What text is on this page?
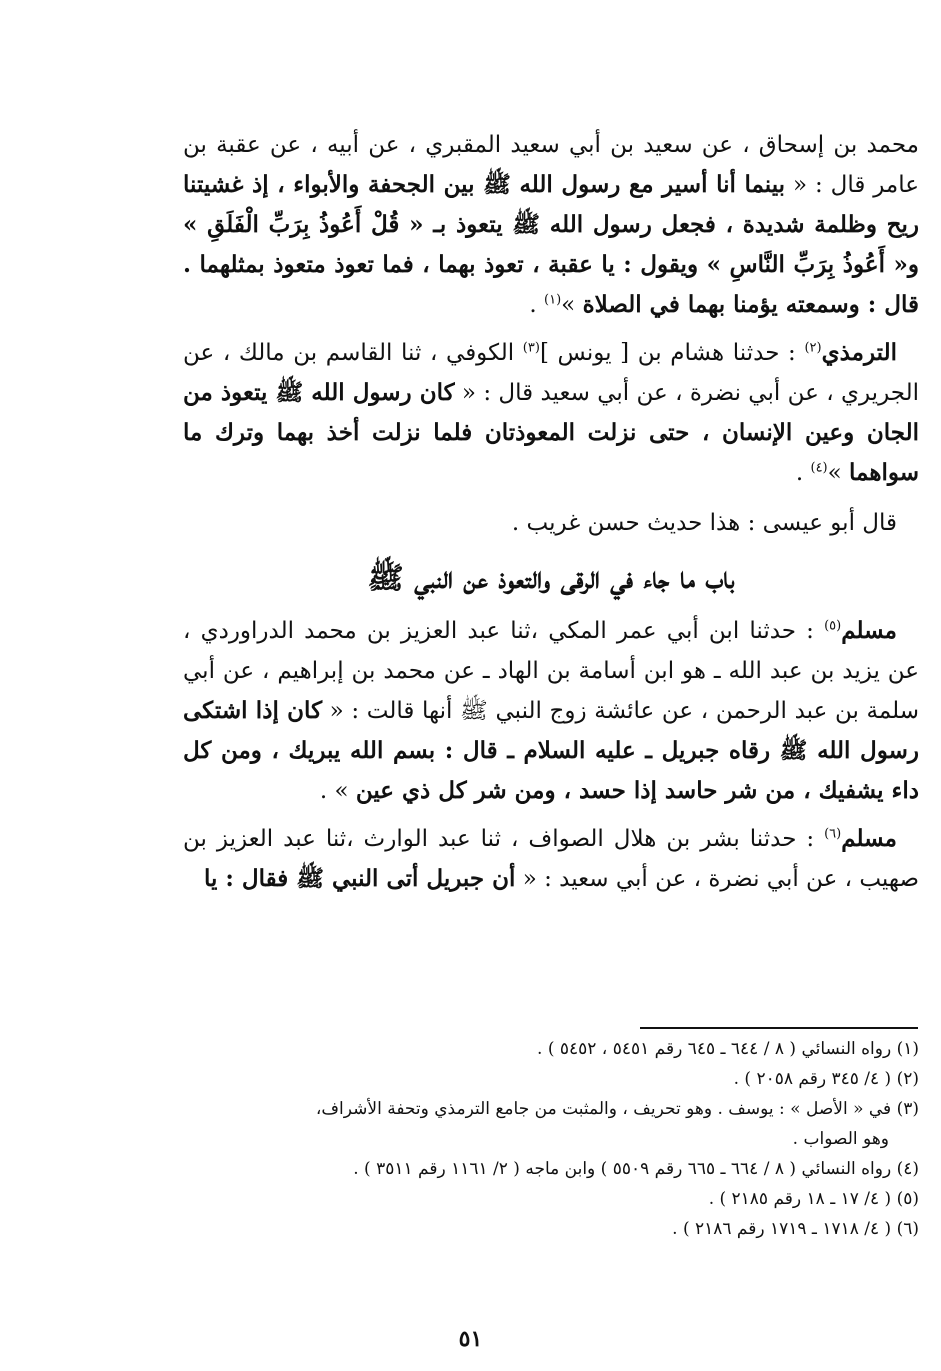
محمد بن إسحاق ، عن سعيد بن أبي سعيد المقبري ، عن أبيه ، عن عقبة بن عامر قال : « بينما أنا أسير مع رسول الله ﷺ بين الجحفة والأبواء ، إذ غشيتنا ريح وظلمة شديدة ، فجعل رسول الله ﷺ يتعوذ بـ « قُلْ أَعُوذُ بِرَبِّ الْفَلَقِ » و« أَعُوذُ بِرَبِّ النَّاسِ » ويقول : يا عقبة ، تعوذ بهما ، فما تعوذ متعوذ بمثلهما . قال : وسمعته يؤمنا بهما في الصلاة »$^{(١)}$ .

الترمذي$^{(٢)}$ : حدثنا هشام بن [ يونس ]$^{(٣)}$ الكوفي ، ثنا القاسم بن مالك ، عن الجريري ، عن أبي نضرة ، عن أبي سعيد قال : « كان رسول الله ﷺ يتعوذ من الجان وعين الإنسان ، حتى نزلت المعوذتان فلما نزلت أخذ بهما وترك ما سواهما »$^{(٤)}$ .

قال أبو عيسى : هذا حديث حسن غريب .

باب ما جاء في الرقى والتعوذ عن النبي ﷺ

مسلم$^{(٥)}$ : حدثنا ابن أبي عمر المكي ،ثنا عبد العزيز بن محمد الدراوردي ، عن يزيد بن عبد الله ـ هو ابن أسامة بن الهاد ـ عن محمد بن إبراهيم ، عن أبي سلمة بن عبد الرحمن ، عن عائشة زوج النبي ﷺ أنها قالت : « كان إذا اشتكى رسول الله ﷺ رقاه جبريل ـ عليه السلام ـ قال : بسم الله يبريك ، ومن كل داء يشفيك ، من شر حاسد إذا حسد ، ومن شر كل ذي عين » .

مسلم$^{(٦)}$ : حدثنا بشر بن هلال الصواف ، ثنا عبد الوارث ،ثنا عبد العزيز بن صهيب ، عن أبي نضرة ، عن أبي سعيد : « أن جبريل أتى النبي ﷺ فقال : يا

(١) رواه النسائي ( ٨ / ٦٤٤ ـ ٦٤٥ رقم ٥٤٥١ ، ٥٤٥٢ ) .

(٢) ( ٤/ ٣٤٥ رقم ٢٠٥٨ ) .

(٣) في « الأصل » : يوسف . وهو تحريف ، والمثبت من جامع الترمذي وتحفة الأشراف،

وهو الصواب .

(٤) رواه النسائي ( ٨ / ٦٦٤ ـ ٦٦٥ رقم ٥٥٠٩ ) وابن ماجه ( ٢/ ١١٦١ رقم ٣٥١١ ) .

(٥) ( ٤/ ١٧ ـ ١٨ رقم ٢١٨٥ ) .

(٦) ( ٤/ ١٧١٨ ـ ١٧١٩ رقم ٢١٨٦ ) .

٥١
